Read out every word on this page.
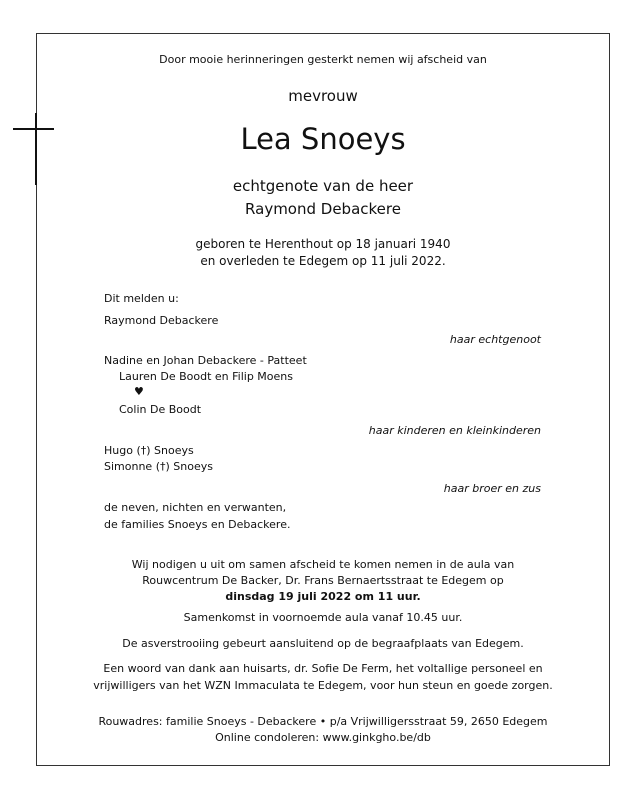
Door mooie herinneringen gesterkt nemen wij afscheid van
mevrouw
Lea Snoeys
echtgenote van de heer
Raymond Debackere
geboren te Herenthout op 18 januari 1940
en overleden te Edegem op 11 juli 2022.
Dit melden u:
Raymond Debackere
haar echtgenoot
Nadine en Johan Debackere - Patteet
Lauren De Boodt en Filip Moens
♥
Colin De Boodt
haar kinderen en kleinkinderen
Hugo (†) Snoeys
Simonne (†) Snoeys
haar broer en zus
de neven, nichten en verwanten,
de families Snoeys en Debackere.
Wij nodigen u uit om samen afscheid te komen nemen in de aula van
Rouwcentrum De Backer, Dr. Frans Bernaertsstraat te Edegem op
dinsdag 19 juli 2022 om 11 uur.
Samenkomst in voornoemde aula vanaf 10.45 uur.
De asverstrooiing gebeurt aansluitend op de begraafplaats van Edegem.
Een woord van dank aan huisarts, dr. Sofie De Ferm, het voltallige personeel en
vrijwilligers van het WZN Immaculata te Edegem, voor hun steun en goede zorgen.
Rouwadres: familie Snoeys - Debackere • p/a Vrijwilligersstraat 59, 2650 Edegem
Online condoleren: www.ginkgho.be/db
